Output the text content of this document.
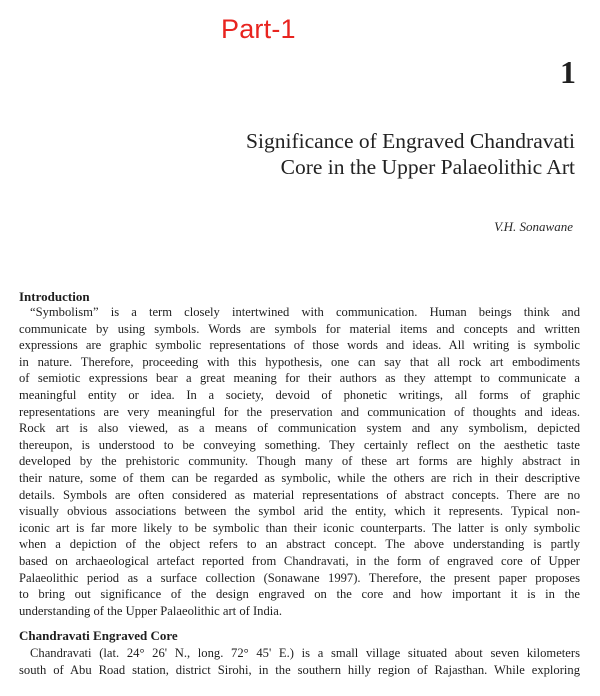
Part-1
1
Significance of Engraved Chandravati
Core in the Upper Palaeolithic Art
V.H. Sonawane
Introduction
“Symbolism” is a term closely intertwined with communication. Human beings think and
communicate by using symbols. Words are symbols for material items and concepts and written
expressions are graphic symbolic representations of those words and ideas. All writing is symbolic
in nature. Therefore, proceeding with this hypothesis, one can say that all rock art embodiments
of semiotic expressions bear a great meaning for their authors as they attempt to communicate a
meaningful entity or idea. In a society, devoid of phonetic writings, all forms of graphic
representations are very meaningful for the preservation and communication of thoughts and ideas.
Rock art is also viewed, as a means of communication system and any symbolism, depicted
thereupon, is understood to be conveying something. They certainly reflect on the aesthetic taste
developed by the prehistoric community. Though many of these art forms are highly abstract in
their nature, some of them can be regarded as symbolic, while the others are rich in their descriptive
details. Symbols are often considered as material representations of abstract concepts. There are no
visually obvious associations between the symbol arid the entity, which it represents. Typical non-
iconic art is far more likely to be symbolic than their iconic counterparts. The latter is only symbolic
when a depiction of the object refers to an abstract concept. The above understanding is partly
based on archaeological artefact reported from Chandravati, in the form of engraved core of Upper
Palaeolithic period as a surface collection (Sonawane 1997). Therefore, the present paper proposes
to bring out significance of the design engraved on the core and how important it is in the
understanding of the Upper Palaeolithic art of India.
Chandravati Engraved Core
Chandravati (lat. 24° 26' N., long. 72° 45' E.) is a small village situated about seven kilometers
south of Abu Road station, district Sirohi, in the southern hilly region of Rajasthan. While exploring
